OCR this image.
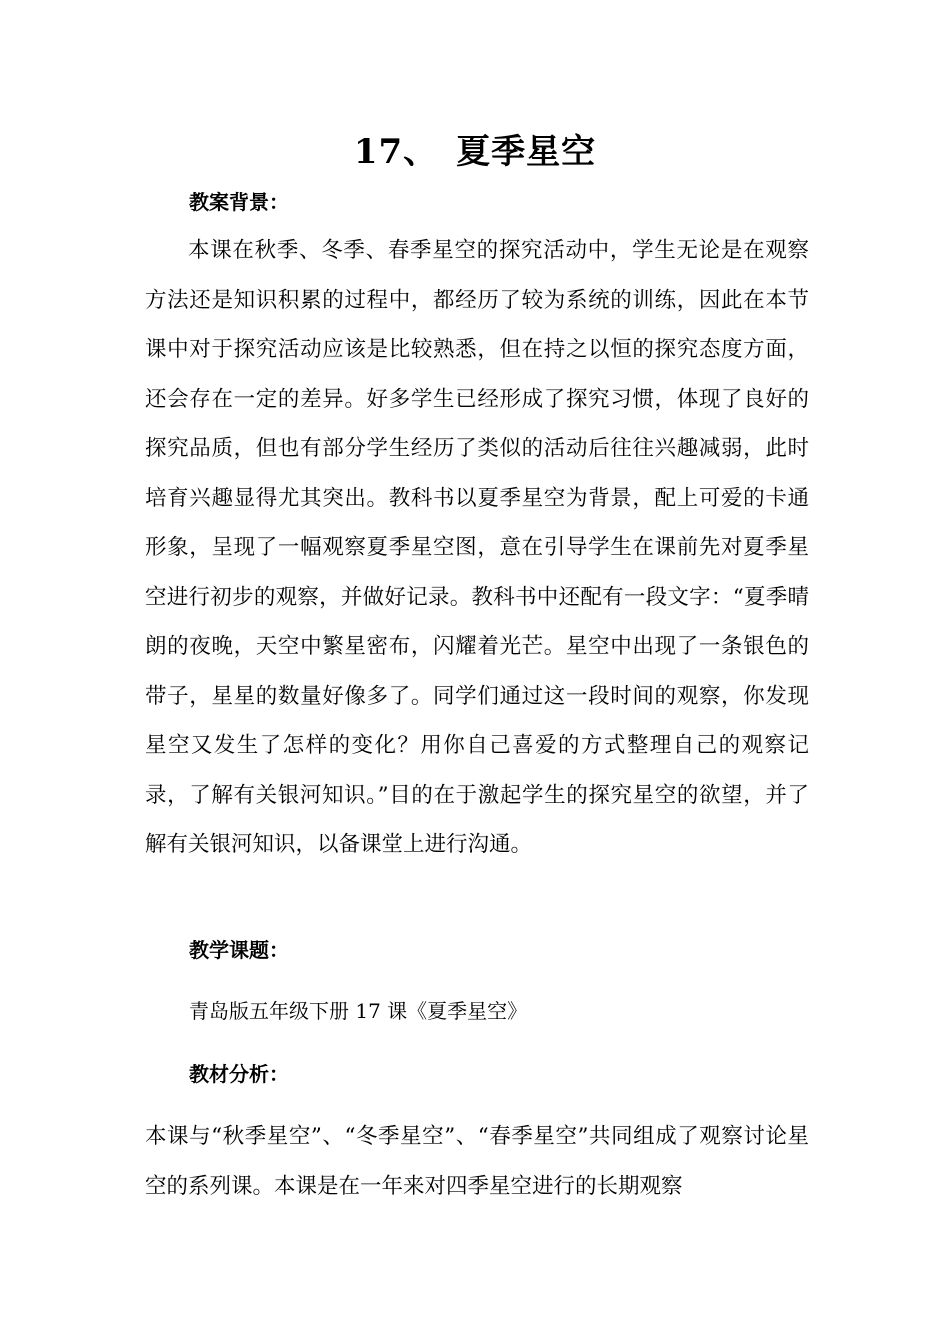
17、　夏季星空
教案背景：

本课在秋季、冬季、春季星空的探究活动中，学生无论是在观察方法还是知识积累的过程中，都经历了较为系统的训练，因此在本节课中对于探究活动应该是比较熟悉，但在持之以恒的探究态度方面，还会存在一定的差异。好多学生已经形成了探究习惯，体现了良好的探究品质，但也有部分学生经历了类似的活动后往往兴趣减弱，此时培育兴趣显得尤其突出。教科书以夏季星空为背景，配上可爱的卡通形象，呈现了一幅观察夏季星空图，意在引导学生在课前先对夏季星空进行初步的观察，并做好记录。教科书中还配有一段文字：“夏季晴朗的夜晚，天空中繁星密布，闪耀着光芒。星空中出现了一条银色的带子，星星的数量好像多了。同学们通过这一段时间的观察，你发现星空又发生了怎样的变化？用你自己喜爱的方式整理自己的观察记录，了解有关银河知识。”目的在于激起学生的探究星空的欲望，并了解有关银河知识，以备课堂上进行沟通。

教学课题：
青岛版五年级下册 17 课《夏季星空》
教材分析：

本课与“秋季星空”、“冬季星空”、“春季星空”共同组成了观察讨论星空的系列课。本课是在一年来对四季星空进行的长期观察
